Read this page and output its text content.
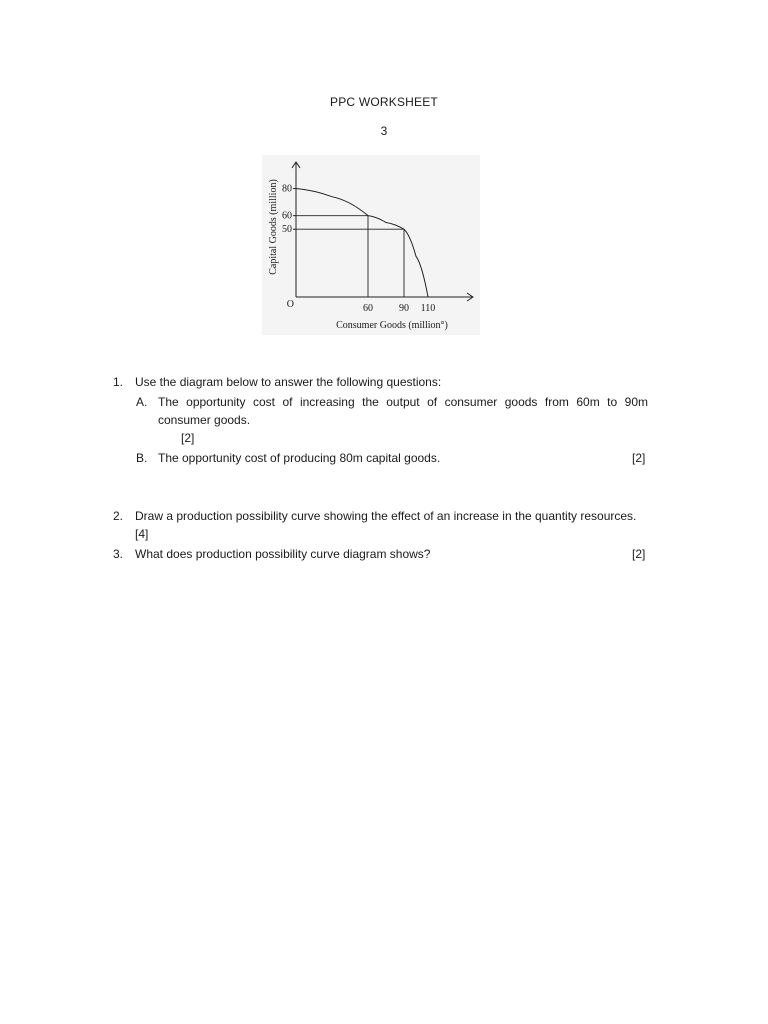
PPC WORKSHEET
3
80
60
50
60	90 110
O
Consumer Goods (million°)
Capital Goods (million)
1. Use the diagram below to answer the following questions:
A. The opportunity cost of increasing the output of consumer goods from 60m to 90m consumer goods.
[2]
B. The opportunity cost of producing 80m capital goods.	[2]
2. Draw a production possibility curve showing the effect of an increase in the quantity resources.
[4]
3. What does production possibility curve diagram shows?	[2]
